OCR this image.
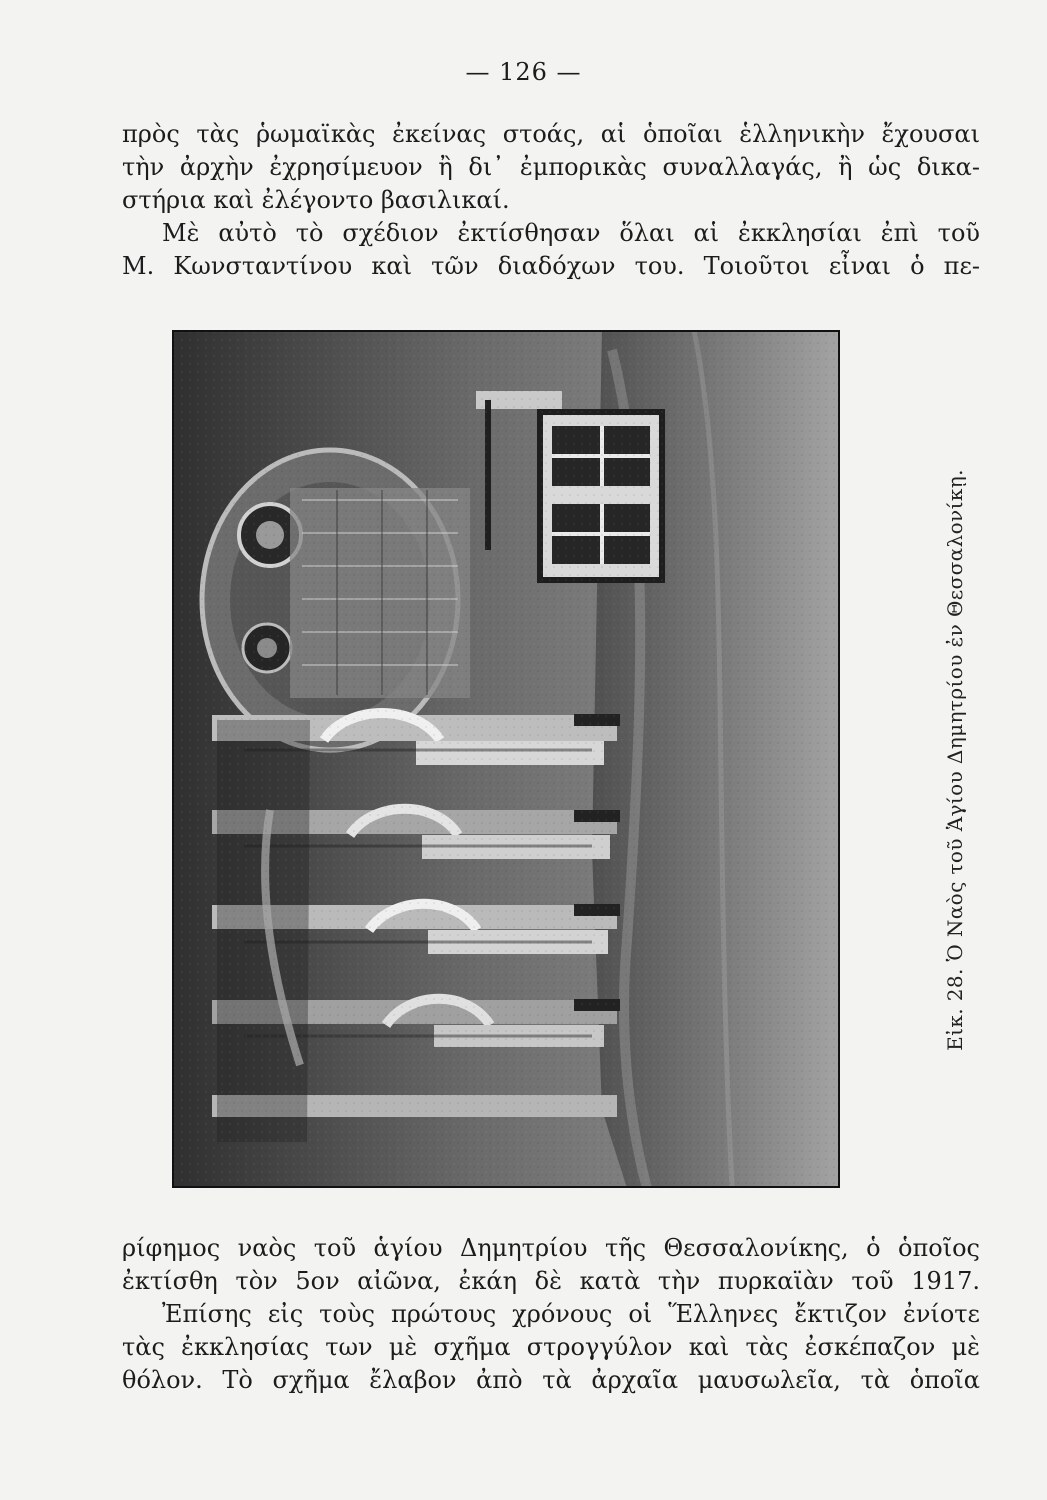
— 126 —
πρὸς τὰς ῥωμαϊκὰς ἐκείνας στοάς, αἱ ὁποῖαι ἑλληνικὴν ἔχουσαι
τὴν ἀρχὴν ἐχρησίμευον ἢ δι᾽ ἐμπορικὰς συναλλαγάς, ἢ ὡς δικα-
στήρια καὶ ἐλέγοντο βασιλικαί.
Μὲ αὐτὸ τὸ σχέδιον ἐκτίσθησαν ὅλαι αἱ ἐκκλησίαι ἐπὶ τοῦ
Μ. Κωνσταντίνου καὶ τῶν διαδόχων του. Τοιοῦτοι εἶναι ὁ πε-
Εἰκ. 28. Ὁ Ναὸς τοῦ Ἁγίου Δημητρίου ἐν Θεσσαλονίκῃ.
ρίφημος ναὸς τοῦ ἁγίου Δημητρίου τῆς Θεσσαλονίκης, ὁ ὁποῖος
ἐκτίσθη τὸν 5ον αἰῶνα, ἐκάη δὲ κατὰ τὴν πυρκαϊὰν τοῦ 1917.
Ἐπίσης εἰς τοὺς πρώτους χρόνους οἱ Ἕλληνες ἔκτιζον ἐνίοτε
τὰς ἐκκλησίας των μὲ σχῆμα στρογγύλον καὶ τὰς ἐσκέπαζον μὲ
θόλον. Τὸ σχῆμα ἔλαβον ἀπὸ τὰ ἀρχαῖα μαυσωλεῖα, τὰ ὁποῖα
